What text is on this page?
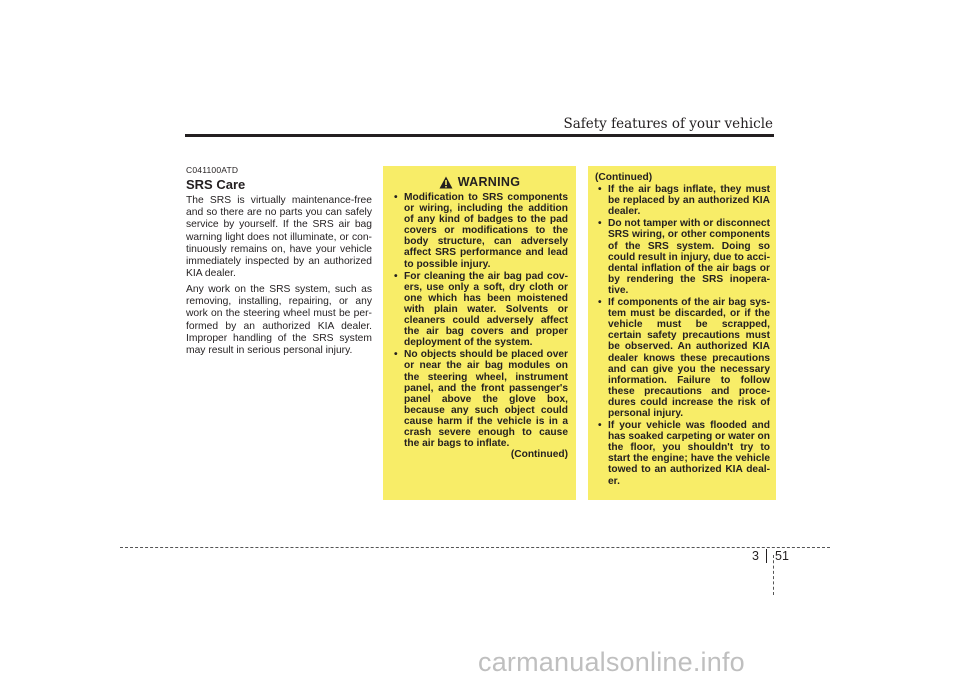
Safety features of your vehicle
C041100ATD
SRS Care

The SRS is virtually maintenance-free and so there are no parts you can safely service by yourself. If the SRS air bag warning light does not illuminate, or con-tinuously remains on, have your vehicle immediately inspected by an authorized KIA dealer.

Any work on the SRS system, such as removing, installing, repairing, or any work on the steering wheel must be per-formed by an authorized KIA dealer. Improper handling of the SRS system may result in serious personal injury.

WARNING
• Modification to SRS components or wiring, including the addition of any kind of badges to the pad covers or modifications to the body structure, can adversely affect SRS performance and lead to possible injury.
• For cleaning the air bag pad cov-ers, use only a soft, dry cloth or one which has been moistened with plain water. Solvents or cleaners could adversely affect the air bag covers and proper deployment of the system.
• No objects should be placed over or near the air bag modules on the steering wheel, instrument panel, and the front passenger's panel above the glove box, because any such object could cause harm if the vehicle is in a crash severe enough to cause the air bags to inflate.
(Continued)
(Continued)
• If the air bags inflate, they must be replaced by an authorized KIA dealer.
• Do not tamper with or disconnect SRS wiring, or other components of the SRS system. Doing so could result in injury, due to acci-dental inflation of the air bags or by rendering the SRS inopera-tive.
• If components of the air bag sys-tem must be discarded, or if the vehicle must be scrapped, certain safety precautions must be observed. An authorized KIA dealer knows these precautions and can give you the necessary information. Failure to follow these precautions and proce-dures could increase the risk of personal injury.
• If your vehicle was flooded and has soaked carpeting or water on the floor, you shouldn't try to start the engine; have the vehicle towed to an authorized KIA deal-er.
3 51
carmanualsonline.info
